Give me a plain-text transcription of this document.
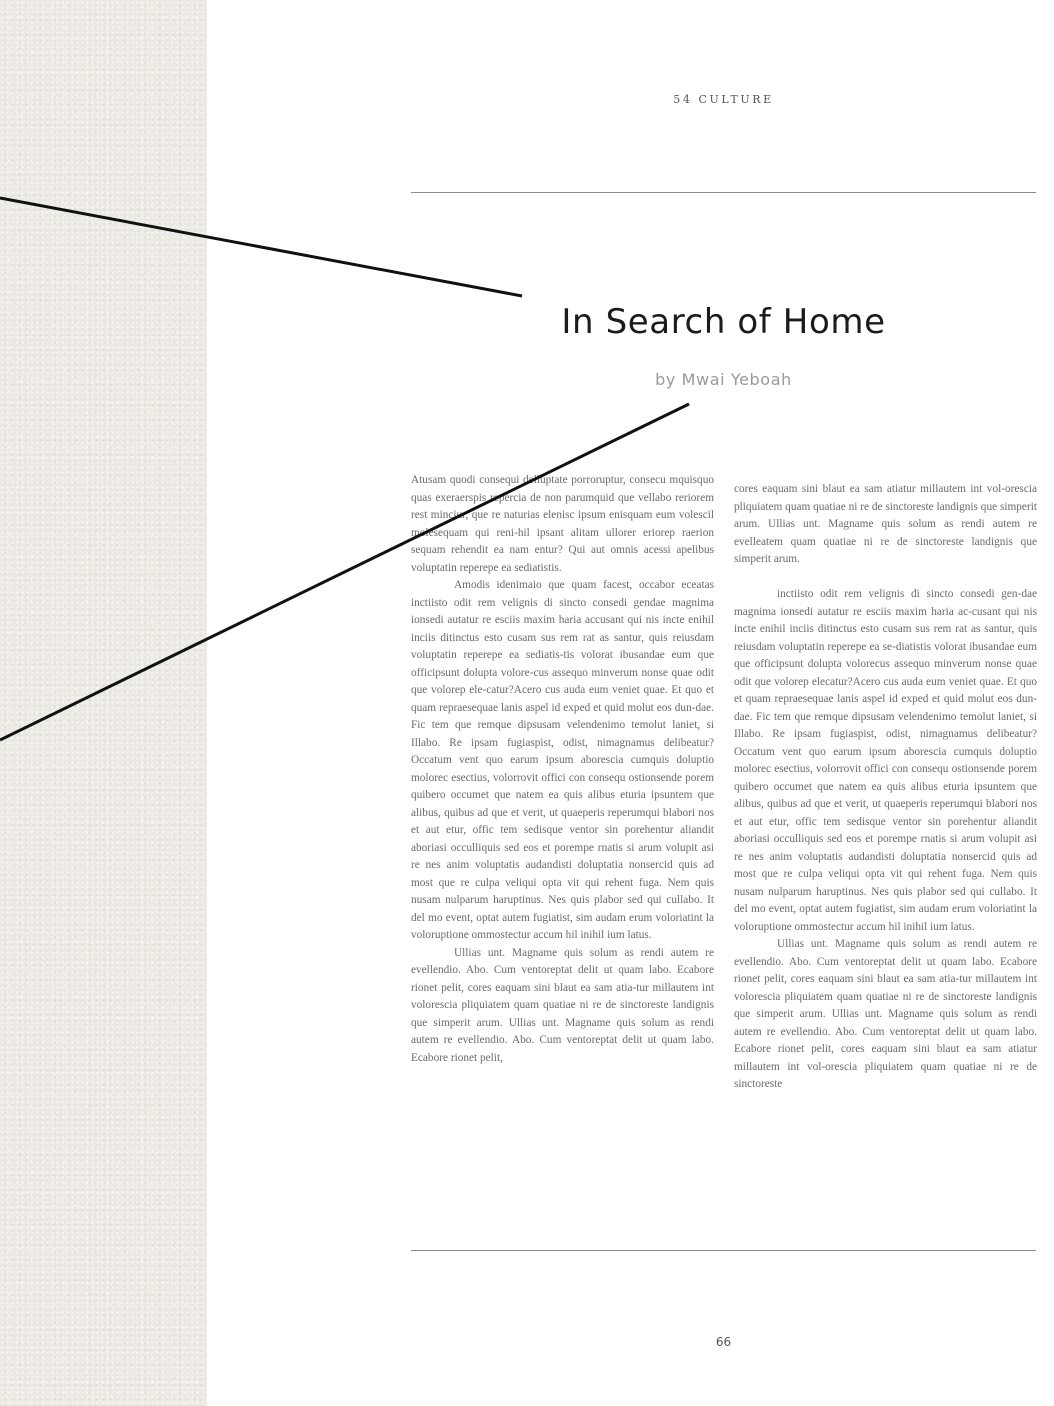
54 CULTURE
In Search of Home
by Mwai Yeboah

Atusam quodi consequi delluptate porroruptur, consecu mquisquo quas exeraerspis repercia de non parumquid que vellabo reriorem rest minciur, que re naturias elenisc ipsum enisquam eum volescil molesequam qui reni-hil ipsant alitam ullorer eriorep raerion sequam rehendit ea nam entur? Qui aut omnis acessi apelibus voluptatin reperepe ea sediatistis.

Amodis idenimaio que quam facest, occabor eceatas inctiisto odit rem velignis di sincto consedi gendae magnima ionsedi autatur re esciis maxim haria accusant qui nis incte enihil inciis ditinctus esto cusam sus rem rat as santur, quis reiusdam voluptatin reperepe ea sediatis-tis volorat ibusandae eum que officipsunt dolupta volore-cus assequo minverum nonse quae odit que volorep ele-catur?Acero cus auda eum veniet quae. Et quo et quam repraesequae lanis aspel id exped et quid molut eos dun-dae. Fic tem que remque dipsusam velendenimo temolut laniet, si Illabo. Re ipsam fugiaspist, odist, nimagnamus delibeatur? Occatum vent quo earum ipsum aborescia cumquis doluptio molorec esectius, volorrovit offici con consequ ostionsende porem quibero occumet que natem ea quis alibus eturia ipsuntem que alibus, quibus ad que et verit, ut quaeperis reperumqui blabori nos et aut etur, offic tem sedisque ventor sin porehentur aliandit aboriasi occulliquis sed eos et porempe rnatis si arum volupit asi re nes anim voluptatis audandisti doluptatia nonsercid quis ad most que re culpa veliqui opta vit qui rehent fuga. Nem quis nusam nulparum haruptinus. Nes quis plabor sed qui cullabo. It del mo event, optat autem fugiatist, sim audam erum voloriatint la voloruptione ommostectur accum hil inihil ium latus.

Ullias unt. Magname quis solum as rendi autem re evellendio. Abo. Cum ventoreptat delit ut quam labo. Ecabore rionet pelit, cores eaquam sini blaut ea sam atia-tur millautem int volorescia pliquiatem quam quatiae ni re de sinctoreste landignis que simperit arum. Ullias unt. Magname quis solum as rendi autem re evellendio. Abo. Cum ventoreptat delit ut quam labo. Ecabore rionet pelit,

cores eaquam sini blaut ea sam atiatur millautem int vol-orescia pliquiatem quam quatiae ni re de sinctoreste landignis que simperit arum. Ullias unt. Magname quis solum as rendi autem re evelleatem quam quatiae ni re de sinctoreste landignis que simperit arum.

inctiisto odit rem velignis di sincto consedi gen-dae magnima ionsedi autatur re esciis maxim haria ac-cusant qui nis incte enihil inciis ditinctus esto cusam sus rem rat as santur, quis reiusdam voluptatin reperepe ea se-diatistis volorat ibusandae eum que officipsunt dolupta volorecus assequo minverum nonse quae odit que volorep elecatur?Acero cus auda eum veniet quae. Et quo et quam repraesequae lanis aspel id exped et quid molut eos dun-dae. Fic tem que remque dipsusam velendenimo temolut laniet, si Illabo. Re ipsam fugiaspist, odist, nimagnamus delibeatur? Occatum vent quo earum ipsum aborescia cumquis doluptio molorec esectius, volorrovit offici con consequ ostionsende porem quibero occumet que natem ea quis alibus eturia ipsuntem que alibus, quibus ad que et verit, ut quaeperis reperumqui blabori nos et aut etur, offic tem sedisque ventor sin porehentur aliandit aboriasi occulliquis sed eos et porempe rnatis si arum volupit asi re nes anim voluptatis audandisti doluptatia nonsercid quis ad most que re culpa veliqui opta vit qui rehent fuga. Nem quis nusam nulparum haruptinus. Nes quis plabor sed qui cullabo. It del mo event, optat autem fugiatist, sim audam erum voloriatint la voloruptione ommostectur accum hil inihil ium latus.

Ullias unt. Magname quis solum as rendi autem re evellendio. Abo. Cum ventoreptat delit ut quam labo. Ecabore rionet pelit, cores eaquam sini blaut ea sam atia-tur millautem int volorescia pliquiatem quam quatiae ni re de sinctoreste landignis que simperit arum. Ullias unt. Magname quis solum as rendi autem re evellendio. Abo. Cum ventoreptat delit ut quam labo. Ecabore rionet pelit, cores eaquam sini blaut ea sam atiatur millautem int vol-orescia pliquiatem quam quatiae ni re de sinctoreste

66
